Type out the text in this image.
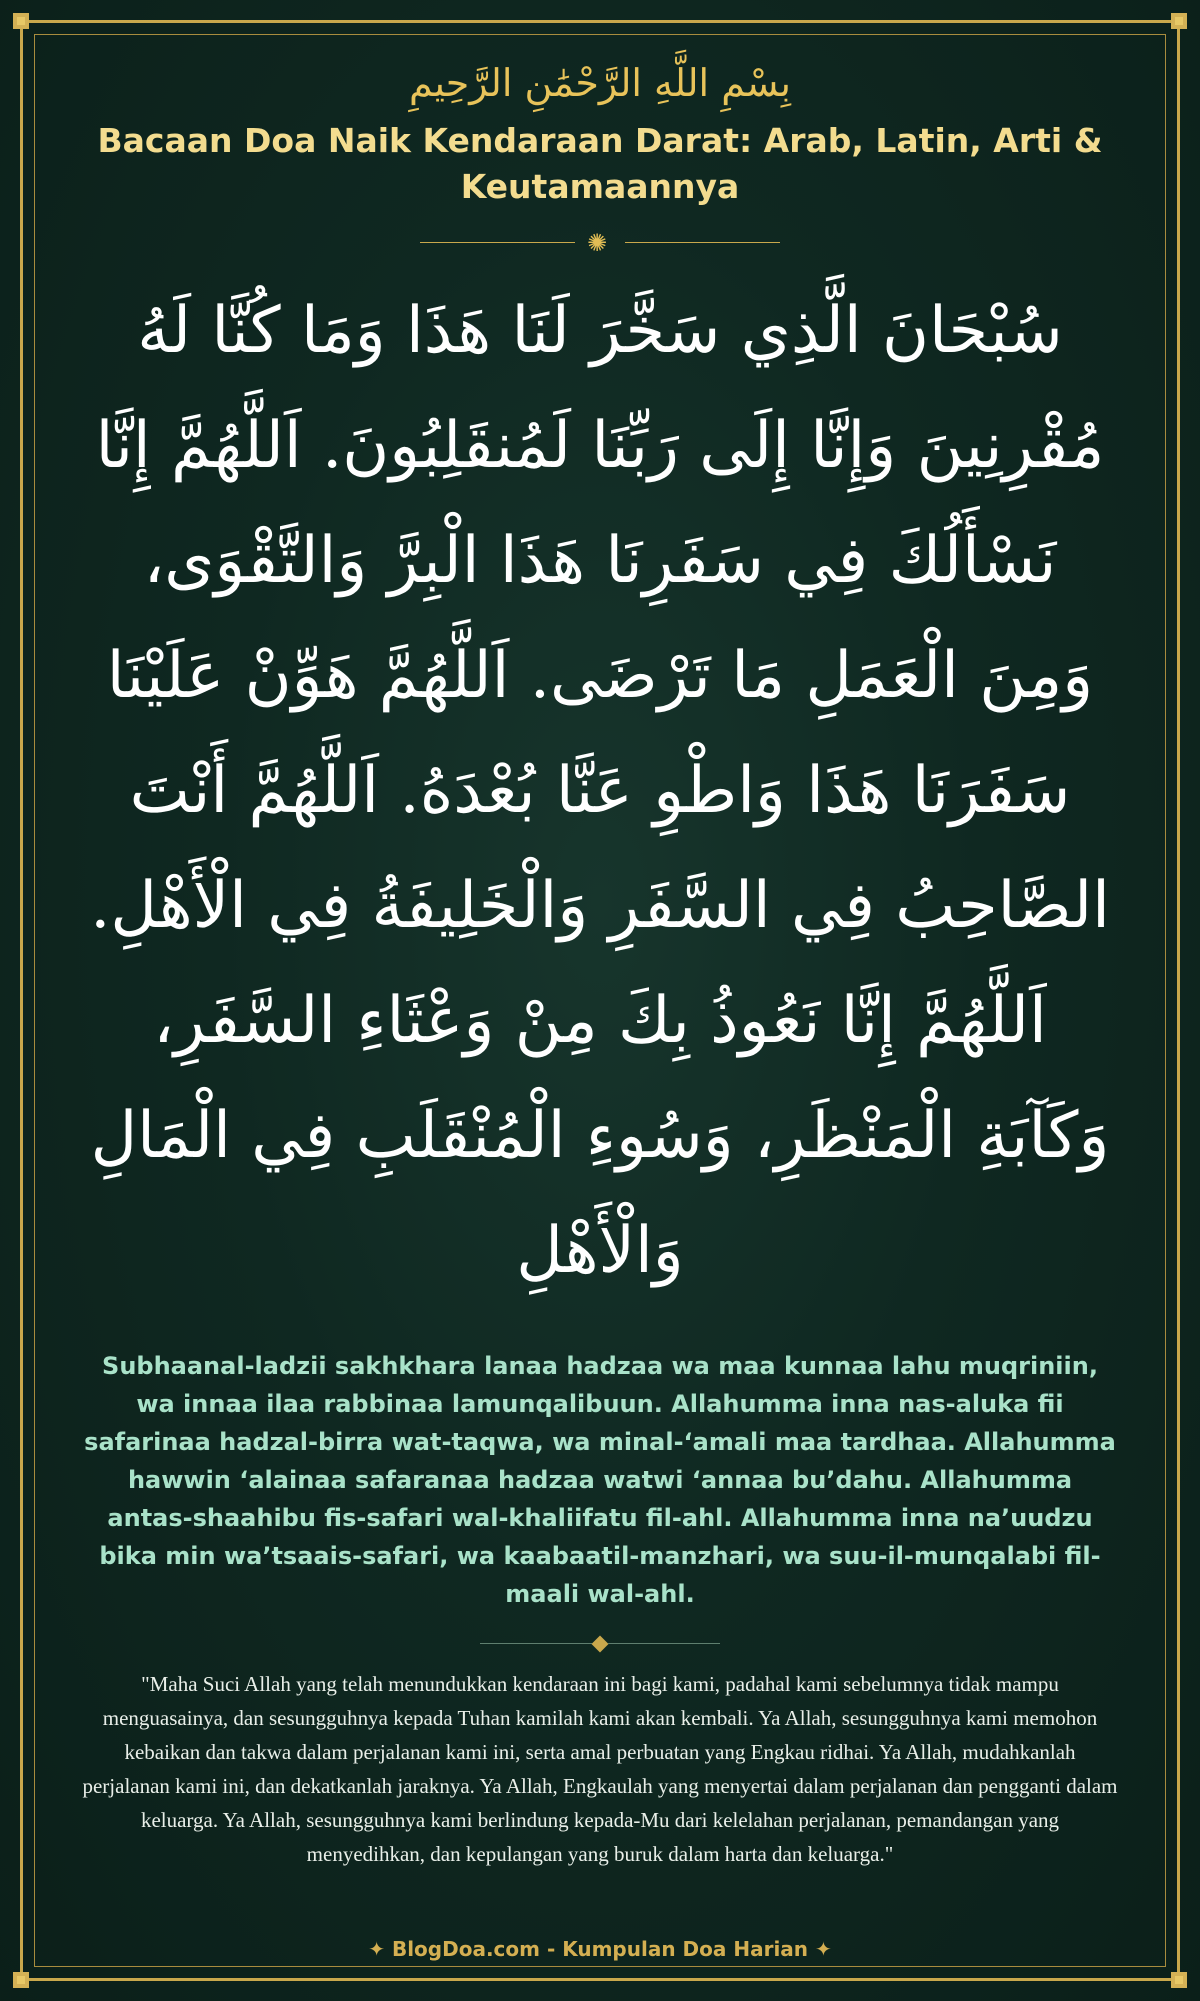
بِسْمِ اللَّهِ الرَّحْمَٰنِ الرَّحِيمِ
Bacaan Doa Naik Kendaraan Darat: Arab, Latin, Arti & Keutamaannya
✺
سُبْحَانَ الَّذِي سَخَّرَ لَنَا هَذَا وَمَا كُنَّا لَهُ مُقْرِنِينَ وَإِنَّا إِلَى رَبِّنَا لَمُنقَلِبُونَ. اَللَّهُمَّ إِنَّا نَسْأَلُكَ فِي سَفَرِنَا هَذَا الْبِرَّ وَالتَّقْوَى، وَمِنَ الْعَمَلِ مَا تَرْضَى. اَللَّهُمَّ هَوِّنْ عَلَيْنَا سَفَرَنَا هَذَا وَاطْوِ عَنَّا بُعْدَهُ. اَللَّهُمَّ أَنْتَ الصَّاحِبُ فِي السَّفَرِ وَالْخَلِيفَةُ فِي الْأَهْلِ. اَللَّهُمَّ إِنَّا نَعُوذُ بِكَ مِنْ وَعْثَاءِ السَّفَرِ، وَكَآبَةِ الْمَنْظَرِ، وَسُوءِ الْمُنْقَلَبِ فِي الْمَالِ وَالْأَهْلِ
Subhaanal-ladzii sakhkhara lanaa hadzaa wa maa kunnaa lahu muqriniin, wa innaa ilaa rabbinaa lamunqalibuun. Allahumma inna nas-aluka fii safarinaa hadzal-birra wat-taqwa, wa minal-‘amali maa tardhaa. Allahumma hawwin ‘alainaa safaranaa hadzaa watwi ‘annaa bu’dahu. Allahumma antas-shaahibu fis-safari wal-khaliifatu fil-ahl. Allahumma inna na’uudzu bika min wa’tsaais-safari, wa kaabaatil-manzhari, wa suu-il-munqalabi fil-maali wal-ahl.
"Maha Suci Allah yang telah menundukkan kendaraan ini bagi kami, padahal kami sebelumnya tidak mampu menguasainya, dan sesungguhnya kepada Tuhan kamilah kami akan kembali. Ya Allah, sesungguhnya kami memohon kebaikan dan takwa dalam perjalanan kami ini, serta amal perbuatan yang Engkau ridhai. Ya Allah, mudahkanlah perjalanan kami ini, dan dekatkanlah jaraknya. Ya Allah, Engkaulah yang menyertai dalam perjalanan dan pengganti dalam keluarga. Ya Allah, sesungguhnya kami berlindung kepada-Mu dari kelelahan perjalanan, pemandangan yang menyedihkan, dan kepulangan yang buruk dalam harta dan keluarga."
✦ BlogDoa.com - Kumpulan Doa Harian ✦
